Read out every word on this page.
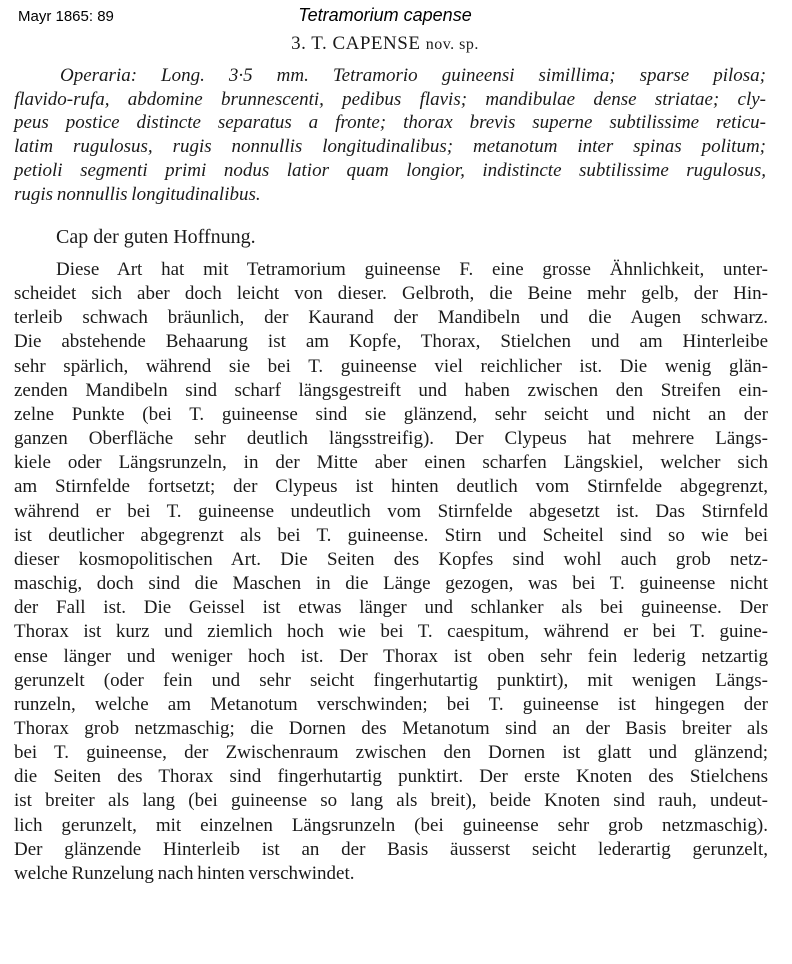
Mayr 1865: 89	Tetramorium capense
3. T. CAPENSE nov. sp.
Operaria: Long. 3·5 mm. Tetramorio guineensi simillima; sparse pilosa;
flavido-rufa, abdomine brunnescenti, pedibus flavis; mandibulae dense striatae; cly-
peus postice distincte separatus a fronte; thorax brevis superne subtilissime reticu-
latim rugulosus, rugis nonnullis longitudinalibus; metanotum inter spinas politum;
petioli segmenti primi nodus latior quam longior, indistincte subtilissime rugulosus,
rugis nonnullis longitudinalibus.
Cap der guten Hoffnung.
Diese Art hat mit Tetramorium guineense F. eine grosse Ähnlichkeit, unter-
scheidet sich aber doch leicht von dieser. Gelbroth, die Beine mehr gelb, der Hin-
terleib schwach bräunlich, der Kaurand der Mandibeln und die Augen schwarz.
Die abstehende Behaarung ist am Kopfe, Thorax, Stielchen und am Hinterleibe
sehr spärlich, während sie bei T. guineense viel reichlicher ist. Die wenig glän-
zenden Mandibeln sind scharf längsgestreift und haben zwischen den Streifen ein-
zelne Punkte (bei T. guineense sind sie glänzend, sehr seicht und nicht an der
ganzen Oberfläche sehr deutlich längsstreifig). Der Clypeus hat mehrere Längs-
kiele oder Längsrunzeln, in der Mitte aber einen scharfen Längskiel, welcher sich
am Stirnfelde fortsetzt; der Clypeus ist hinten deutlich vom Stirnfelde abgegrenzt,
während er bei T. guineense undeutlich vom Stirnfelde abgesetzt ist. Das Stirnfeld
ist deutlicher abgegrenzt als bei T. guineense. Stirn und Scheitel sind so wie bei
dieser kosmopolitischen Art. Die Seiten des Kopfes sind wohl auch grob netz-
maschig, doch sind die Maschen in die Länge gezogen, was bei T. guineense nicht
der Fall ist. Die Geissel ist etwas länger und schlanker als bei guineense. Der
Thorax ist kurz und ziemlich hoch wie bei T. caespitum, während er bei T. guine-
ense länger und weniger hoch ist. Der Thorax ist oben sehr fein lederig netzartig
gerunzelt (oder fein und sehr seicht fingerhutartig punktirt), mit wenigen Längs-
runzeln, welche am Metanotum verschwinden; bei T. guineense ist hingegen der
Thorax grob netzmaschig; die Dornen des Metanotum sind an der Basis breiter als
bei T. guineense, der Zwischenraum zwischen den Dornen ist glatt und glänzend;
die Seiten des Thorax sind fingerhutartig punktirt. Der erste Knoten des Stielchens
ist breiter als lang (bei guineense so lang als breit), beide Knoten sind rauh, undeut-
lich gerunzelt, mit einzelnen Längsrunzeln (bei guineense sehr grob netzmaschig).
Der glänzende Hinterleib ist an der Basis äusserst seicht lederartig gerunzelt,
welche Runzelung nach hinten verschwindet.
